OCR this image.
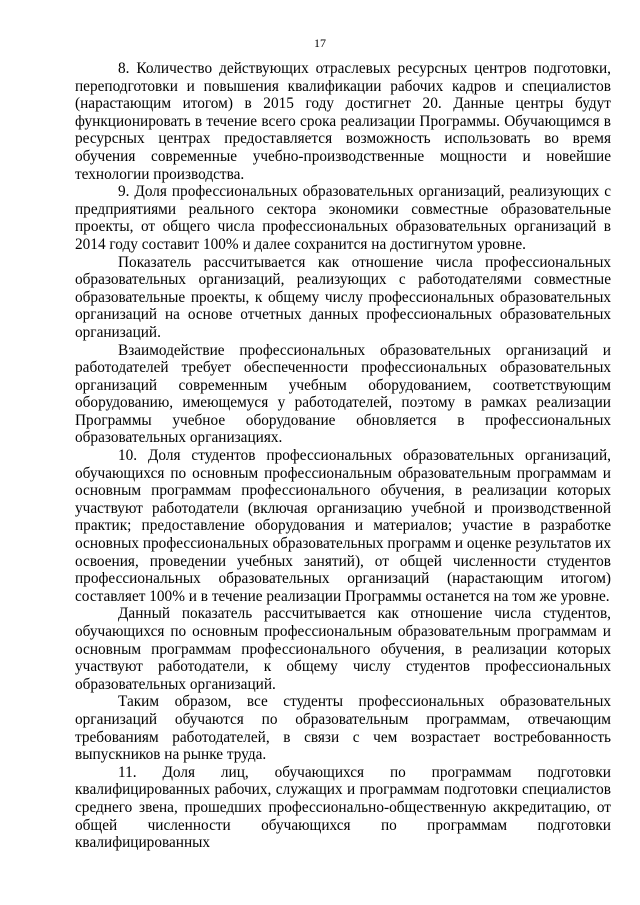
17

8. Количество действующих отраслевых ресурсных центров подготовки, переподготовки и повышения квалификации рабочих кадров и специалистов (нарастающим итогом) в 2015 году достигнет 20. Данные центры будут функционировать в течение всего срока реализации Программы. Обучающимся в ресурсных центрах предоставляется возможность использовать во время обучения современные учебно-производственные мощности и новейшие технологии производства.

9. Доля профессиональных образовательных организаций, реализующих с предприятиями реального сектора экономики совместные образовательные проекты, от общего числа профессиональных образовательных организаций в 2014 году составит 100% и далее сохранится на достигнутом уровне.

Показатель рассчитывается как отношение числа профессиональных образовательных организаций, реализующих с работодателями совместные образовательные проекты, к общему числу профессиональных образовательных организаций на основе отчетных данных профессиональных образовательных организаций.

Взаимодействие профессиональных образовательных организаций и работодателей требует обеспеченности профессиональных образовательных организаций современным учебным оборудованием, соответствующим оборудованию, имеющемуся у работодателей, поэтому в рамках реализации Программы учебное оборудование обновляется в профессиональных образовательных организациях.

10. Доля студентов профессиональных образовательных организаций, обучающихся по основным профессиональным образовательным программам и основным программам профессионального обучения, в реализации которых участвуют работодатели (включая организацию учебной и производственной практик; предоставление оборудования и материалов; участие в разработке основных профессиональных образовательных программ и оценке результатов их освоения, проведении учебных занятий), от общей численности студентов профессиональных образовательных организаций (нарастающим итогом) составляет 100% и в течение реализации Программы останется на том же уровне.

Данный показатель рассчитывается как отношение числа студентов, обучающихся по основным профессиональным образовательным программам и основным программам профессионального обучения, в реализации которых участвуют работодатели, к общему числу студентов профессиональных образовательных организаций.

Таким образом, все студенты профессиональных образовательных организаций обучаются по образовательным программам, отвечающим требованиям работодателей, в связи с чем возрастает востребованность выпускников на рынке труда.

11. Доля лиц, обучающихся по программам подготовки квалифицированных рабочих, служащих и программам подготовки специалистов среднего звена, прошедших профессионально-общественную аккредитацию, от общей численности обучающихся по программам подготовки квалифицированных
